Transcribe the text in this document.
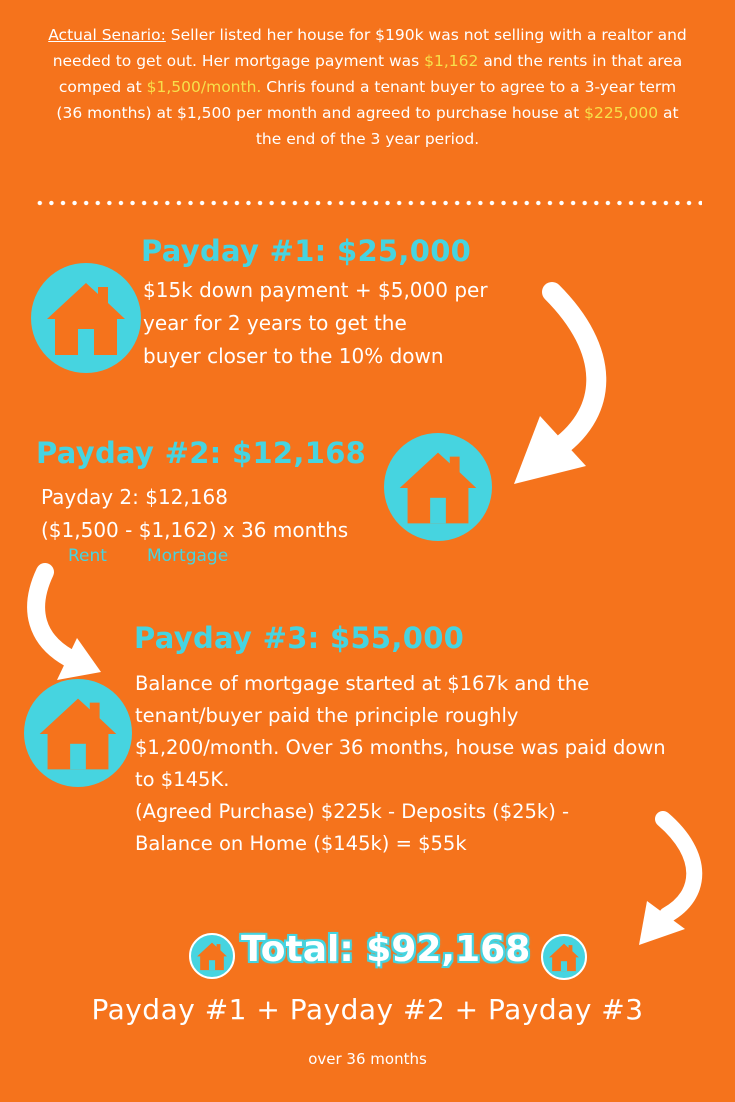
Actual Senario: Seller listed her house for $190k was not selling with a realtor and needed to get out. Her mortgage payment was $1,162 and the rents in that area comped at $1,500/month. Chris found a tenant buyer to agree to a 3-year term (36 months) at $1,500 per month and agreed to purchase house at $225,000 at the end of the 3 year period.
Payday #1: $25,000
$15k down payment + $5,000 per
year for 2 years to get the
buyer closer to the 10% down
Payday #2: $12,168
Payday 2: $12,168
($1,500 - $1,162) x 36 months
Rent Mortgage
Payday #3: $55,000
Balance of mortgage started at $167k and the
tenant/buyer paid the principle roughly
$1,200/month. Over 36 months, house was paid down
to $145K.
(Agreed Purchase) $225k - Deposits ($25k) -
Balance on Home ($145k) = $55k
Total: $92,168
Payday #1 + Payday #2 + Payday #3
over 36 months
